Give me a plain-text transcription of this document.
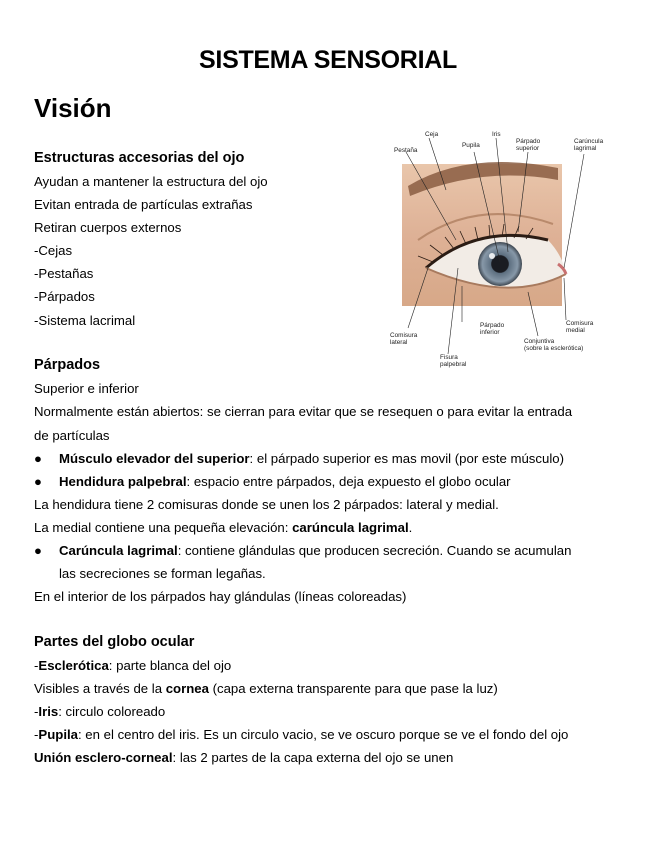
SISTEMA SENSORIAL
Visión
Estructuras accesorias del ojo
Ayudan a mantener la estructura del ojo
Evitan entrada de partículas extrañas
Retiran cuerpos externos
-Cejas
-Pestañas
-Párpados
-Sistema lacrimal
Párpados
Superior e inferior
Normalmente están abiertos: se cierran para evitar que se resequen o para evitar la entrada
de partículas
● Músculo elevador del superior: el párpado superior es mas movil (por este músculo)
● Hendidura palpebral: espacio entre párpados, deja expuesto el globo ocular
La hendidura tiene 2 comisuras donde se unen los 2 párpados: lateral y medial.
La medial contiene una pequeña elevación: carúncula lagrimal.
● Carúncula lagrimal: contiene glándulas que producen secreción. Cuando se acumulan
las secreciones se forman legañas.
En el interior de los párpados hay glándulas (líneas coloreadas)
Partes del globo ocular
-Esclerótica: parte blanca del ojo
Visibles a través de la cornea (capa externa transparente para que pase la luz)
-Iris: circulo coloreado
-Pupila: en el centro del iris. Es un circulo vacio, se ve oscuro porque se ve el fondo del ojo
Unión esclero-corneal: las 2 partes de la capa externa del ojo se unen
Ceja	Iris
Pestaña
Pupila
Párpado
superior
Carúncula
lagrimal
Comisura
lateral
Párpado
inferior
Comisura
medial
Conjuntiva
(sobre la esclerótica)
Fisura
palpebral
